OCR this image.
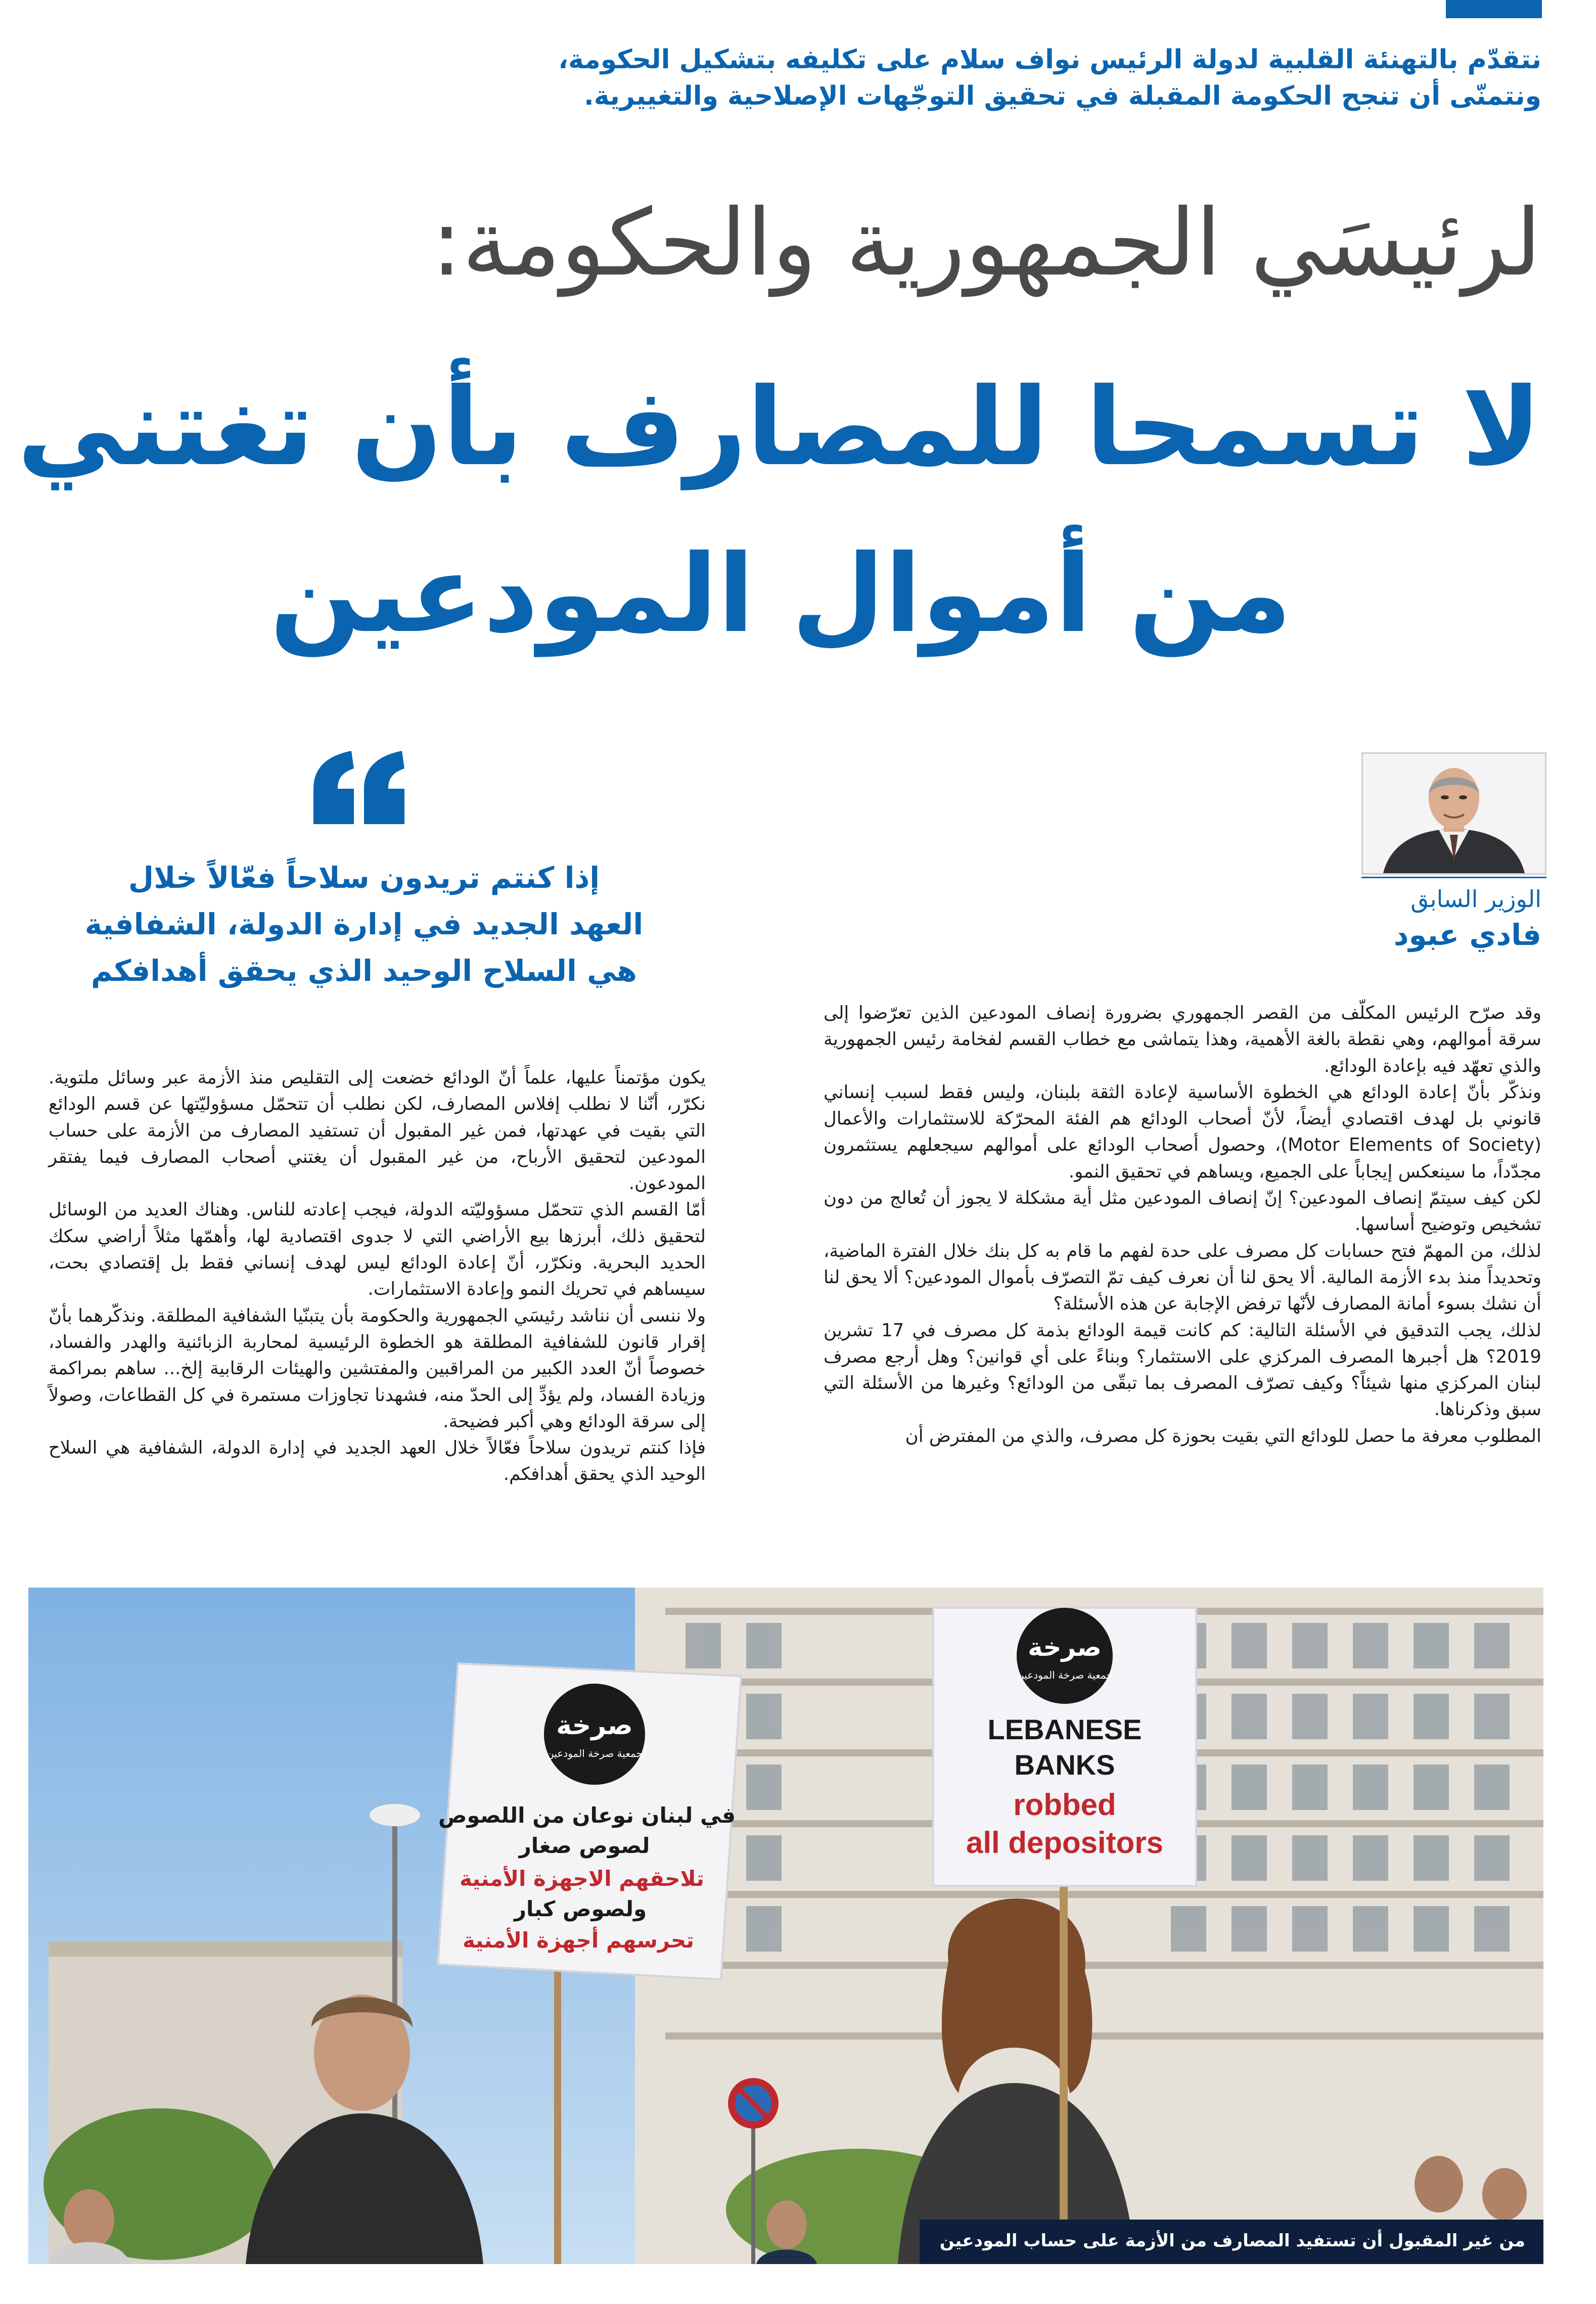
نتقدّم بالتهنئة القلبية لدولة الرئيس نواف سلام على تكليفه بتشكيل الحكومة،
ونتمنّى أن تنجح الحكومة المقبلة في تحقيق التوجّهات الإصلاحية والتغييرية.
لرئيسَي الجمهورية والحكومة:
لا تسمحا للمصارف بأن تغتني
من أموال المودعين
الوزير السابق
فادي عبود
إذا كنتم تريدون سلاحاً فعّالاً خلال
العهد الجديد في إدارة الدولة، الشفافية
هي السلاح الوحيد الذي يحقق أهدافكم

وقد صرّح الرئيس المكلّف من القصر الجمهوري بضرورة إنصاف المودعين الذين تعرّضوا إلى سرقة أموالهم، وهي نقطة بالغة الأهمية، وهذا يتماشى مع خطاب القسم لفخامة رئيس الجمهورية والذي تعهّد فيه بإعادة الودائع.

ونذكّر بأنّ إعادة الودائع هي الخطوة الأساسية لإعادة الثقة بلبنان، وليس فقط لسبب إنساني قانوني بل لهدف اقتصادي أيضاً، لأنّ أصحاب الودائع هم الفئة المحرّكة للاستثمارات والأعمال (Motor Elements of Society)، وحصول أصحاب الودائع على أموالهم سيجعلهم يستثمرون مجدّداً، ما سينعكس إيجاباً على الجميع، ويساهم في تحقيق النمو.

لكن كيف سيتمّ إنصاف المودعين؟ إنّ إنصاف المودعين مثل أية مشكلة لا يجوز أن تُعالج من دون تشخيص وتوضيح أساسها.

لذلك، من المهمّ فتح حسابات كل مصرف على حدة لفهم ما قام به كل بنك خلال الفترة الماضية، وتحديداً منذ بدء الأزمة المالية. ألا يحق لنا أن نعرف كيف تمّ التصرّف بأموال المودعين؟ ألا يحق لنا أن نشك بسوء أمانة المصارف لأنّها ترفض الإجابة عن هذه الأسئلة؟

لذلك، يجب التدقيق في الأسئلة التالية: كم كانت قيمة الودائع بذمة كل مصرف في 17 تشرين 2019؟ هل أجبرها المصرف المركزي على الاستثمار؟ وبناءً على أي قوانين؟ وهل أرجع مصرف لبنان المركزي منها شيئاً؟ وكيف تصرّف المصرف بما تبقّى من الودائع؟ وغيرها من الأسئلة التي سبق وذكرناها.

المطلوب معرفة ما حصل للودائع التي بقيت بحوزة كل مصرف، والذي من المفترض أن

يكون مؤتمناً عليها، علماً أنّ الودائع خضعت إلى التقليص منذ الأزمة عبر وسائل ملتوية. نكرّر، أنّنا لا نطلب إفلاس المصارف، لكن نطلب أن تتحمّل مسؤوليّتها عن قسم الودائع التي بقيت في عهدتها، فمن غير المقبول أن تستفيد المصارف من الأزمة على حساب المودعين لتحقيق الأرباح، من غير المقبول أن يغتني أصحاب المصارف فيما يفتقر المودعون.

أمّا القسم الذي تتحمّل مسؤوليّته الدولة، فيجب إعادته للناس. وهناك العديد من الوسائل لتحقيق ذلك، أبرزها بيع الأراضي التي لا جدوى اقتصادية لها، وأهمّها مثلاً أراضي سكك الحديد البحرية. ونكرّر، أنّ إعادة الودائع ليس لهدف إنساني فقط بل إقتصادي بحت، سيساهم في تحريك النمو وإعادة الاستثمارات.

ولا ننسى أن نناشد رئيسَي الجمهورية والحكومة بأن يتبنّيا الشفافية المطلقة. ونذكّرهما بأنّ إقرار قانون للشفافية المطلقة هو الخطوة الرئيسية لمحاربة الزبائنية والهدر والفساد، خصوصاً أنّ العدد الكبير من المراقبين والمفتشين والهيئات الرقابية إلخ... ساهم بمراكمة وزيادة الفساد، ولم يؤدِّ إلى الحدّ منه، فشهدنا تجاوزات مستمرة في كل القطاعات، وصولاً إلى سرقة الودائع وهي أكبر فضيحة.

فإذا كنتم تريدون سلاحاً فعّالاً خلال العهد الجديد في إدارة الدولة، الشفافية هي السلاح الوحيد الذي يحقق أهدافكم.

صرخة
جمعية صرخة المودعين
LEBANESE
BANKS
robbed
all depositors
صرخة
جمعية صرخة المودعين
في لبنان نوعان من اللصوص
لصوص صغار
تلاحقهم الاجهزة الأمنية
ولصوص كبار
تحرسهم أجهزة الأمنية
من غير المقبول أن تستفيد المصارف من الأزمة على حساب المودعين
